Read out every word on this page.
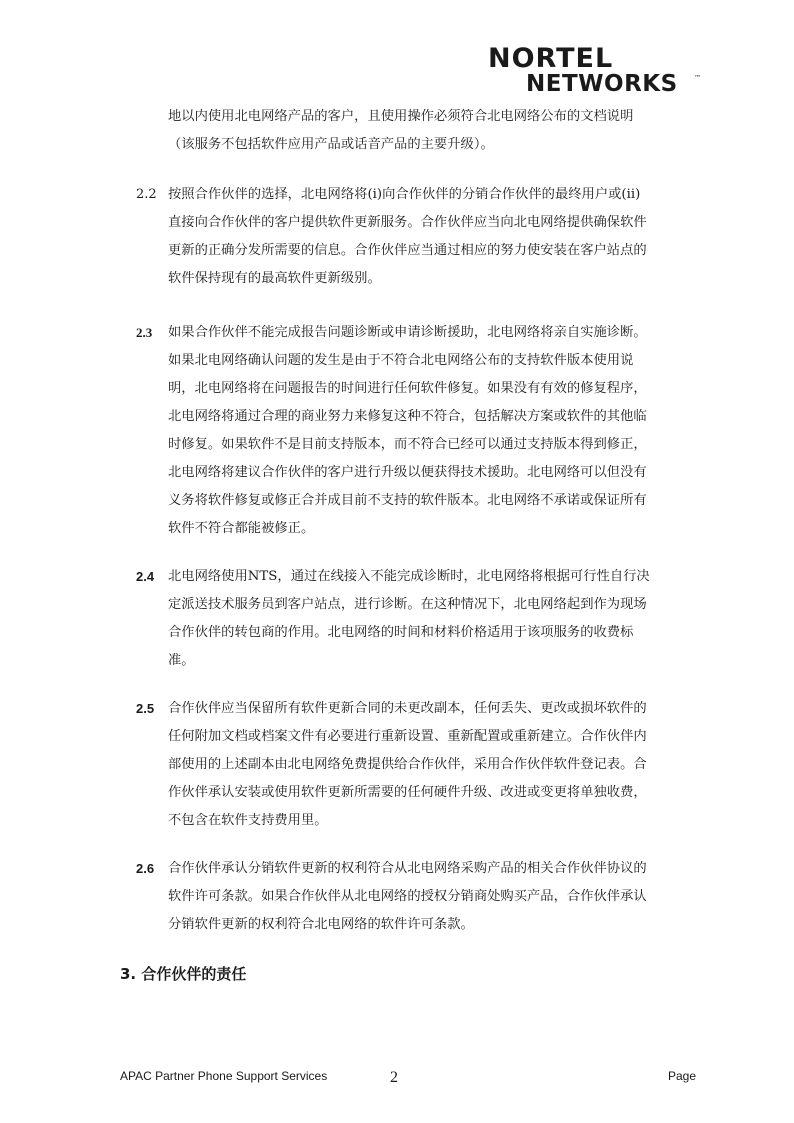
NORTEL
NETWORKS ™
地以内使用北电网络产品的客户，且使用操作必须符合北电网络公布的文档说明
（该服务不包括软件应用产品或话音产品的主要升级）。
2.2 按照合作伙伴的选择，北电网络将(i)向合作伙伴的分销合作伙伴的最终用户或(ii)
直接向合作伙伴的客户提供软件更新服务。合作伙伴应当向北电网络提供确保软件
更新的正确分发所需要的信息。合作伙伴应当通过相应的努力使安装在客户站点的
软件保持现有的最高软件更新级别。
2.3 如果合作伙伴不能完成报告问题诊断或申请诊断援助，北电网络将亲自实施诊断。
如果北电网络确认问题的发生是由于不符合北电网络公布的支持软件版本使用说
明，北电网络将在问题报告的时间进行任何软件修复。如果没有有效的修复程序，
北电网络将通过合理的商业努力来修复这种不符合，包括解决方案或软件的其他临
时修复。如果软件不是目前支持版本，而不符合已经可以通过支持版本得到修正，
北电网络将建议合作伙伴的客户进行升级以便获得技术援助。北电网络可以但没有
义务将软件修复或修正合并成目前不支持的软件版本。北电网络不承诺或保证所有
软件不符合都能被修正。
2.4 北电网络使用NTS，通过在线接入不能完成诊断时，北电网络将根据可行性自行决
定派送技术服务员到客户站点，进行诊断。在这种情况下，北电网络起到作为现场
合作伙伴的转包商的作用。北电网络的时间和材料价格适用于该项服务的收费标
准。
2.5 合作伙伴应当保留所有软件更新合同的未更改副本，任何丢失、更改或损坏软件的
任何附加文档或档案文件有必要进行重新设置、重新配置或重新建立。合作伙伴内
部使用的上述副本由北电网络免费提供给合作伙伴，采用合作伙伴软件登记表。合
作伙伴承认安装或使用软件更新所需要的任何硬件升级、改进或变更将单独收费，
不包含在软件支持费用里。
2.6 合作伙伴承认分销软件更新的权利符合从北电网络采购产品的相关合作伙伴协议的
软件许可条款。如果合作伙伴从北电网络的授权分销商处购买产品，合作伙伴承认
分销软件更新的权利符合北电网络的软件许可条款。
3. 合作伙伴的责任
APAC Partner Phone Support Services	2	Page
